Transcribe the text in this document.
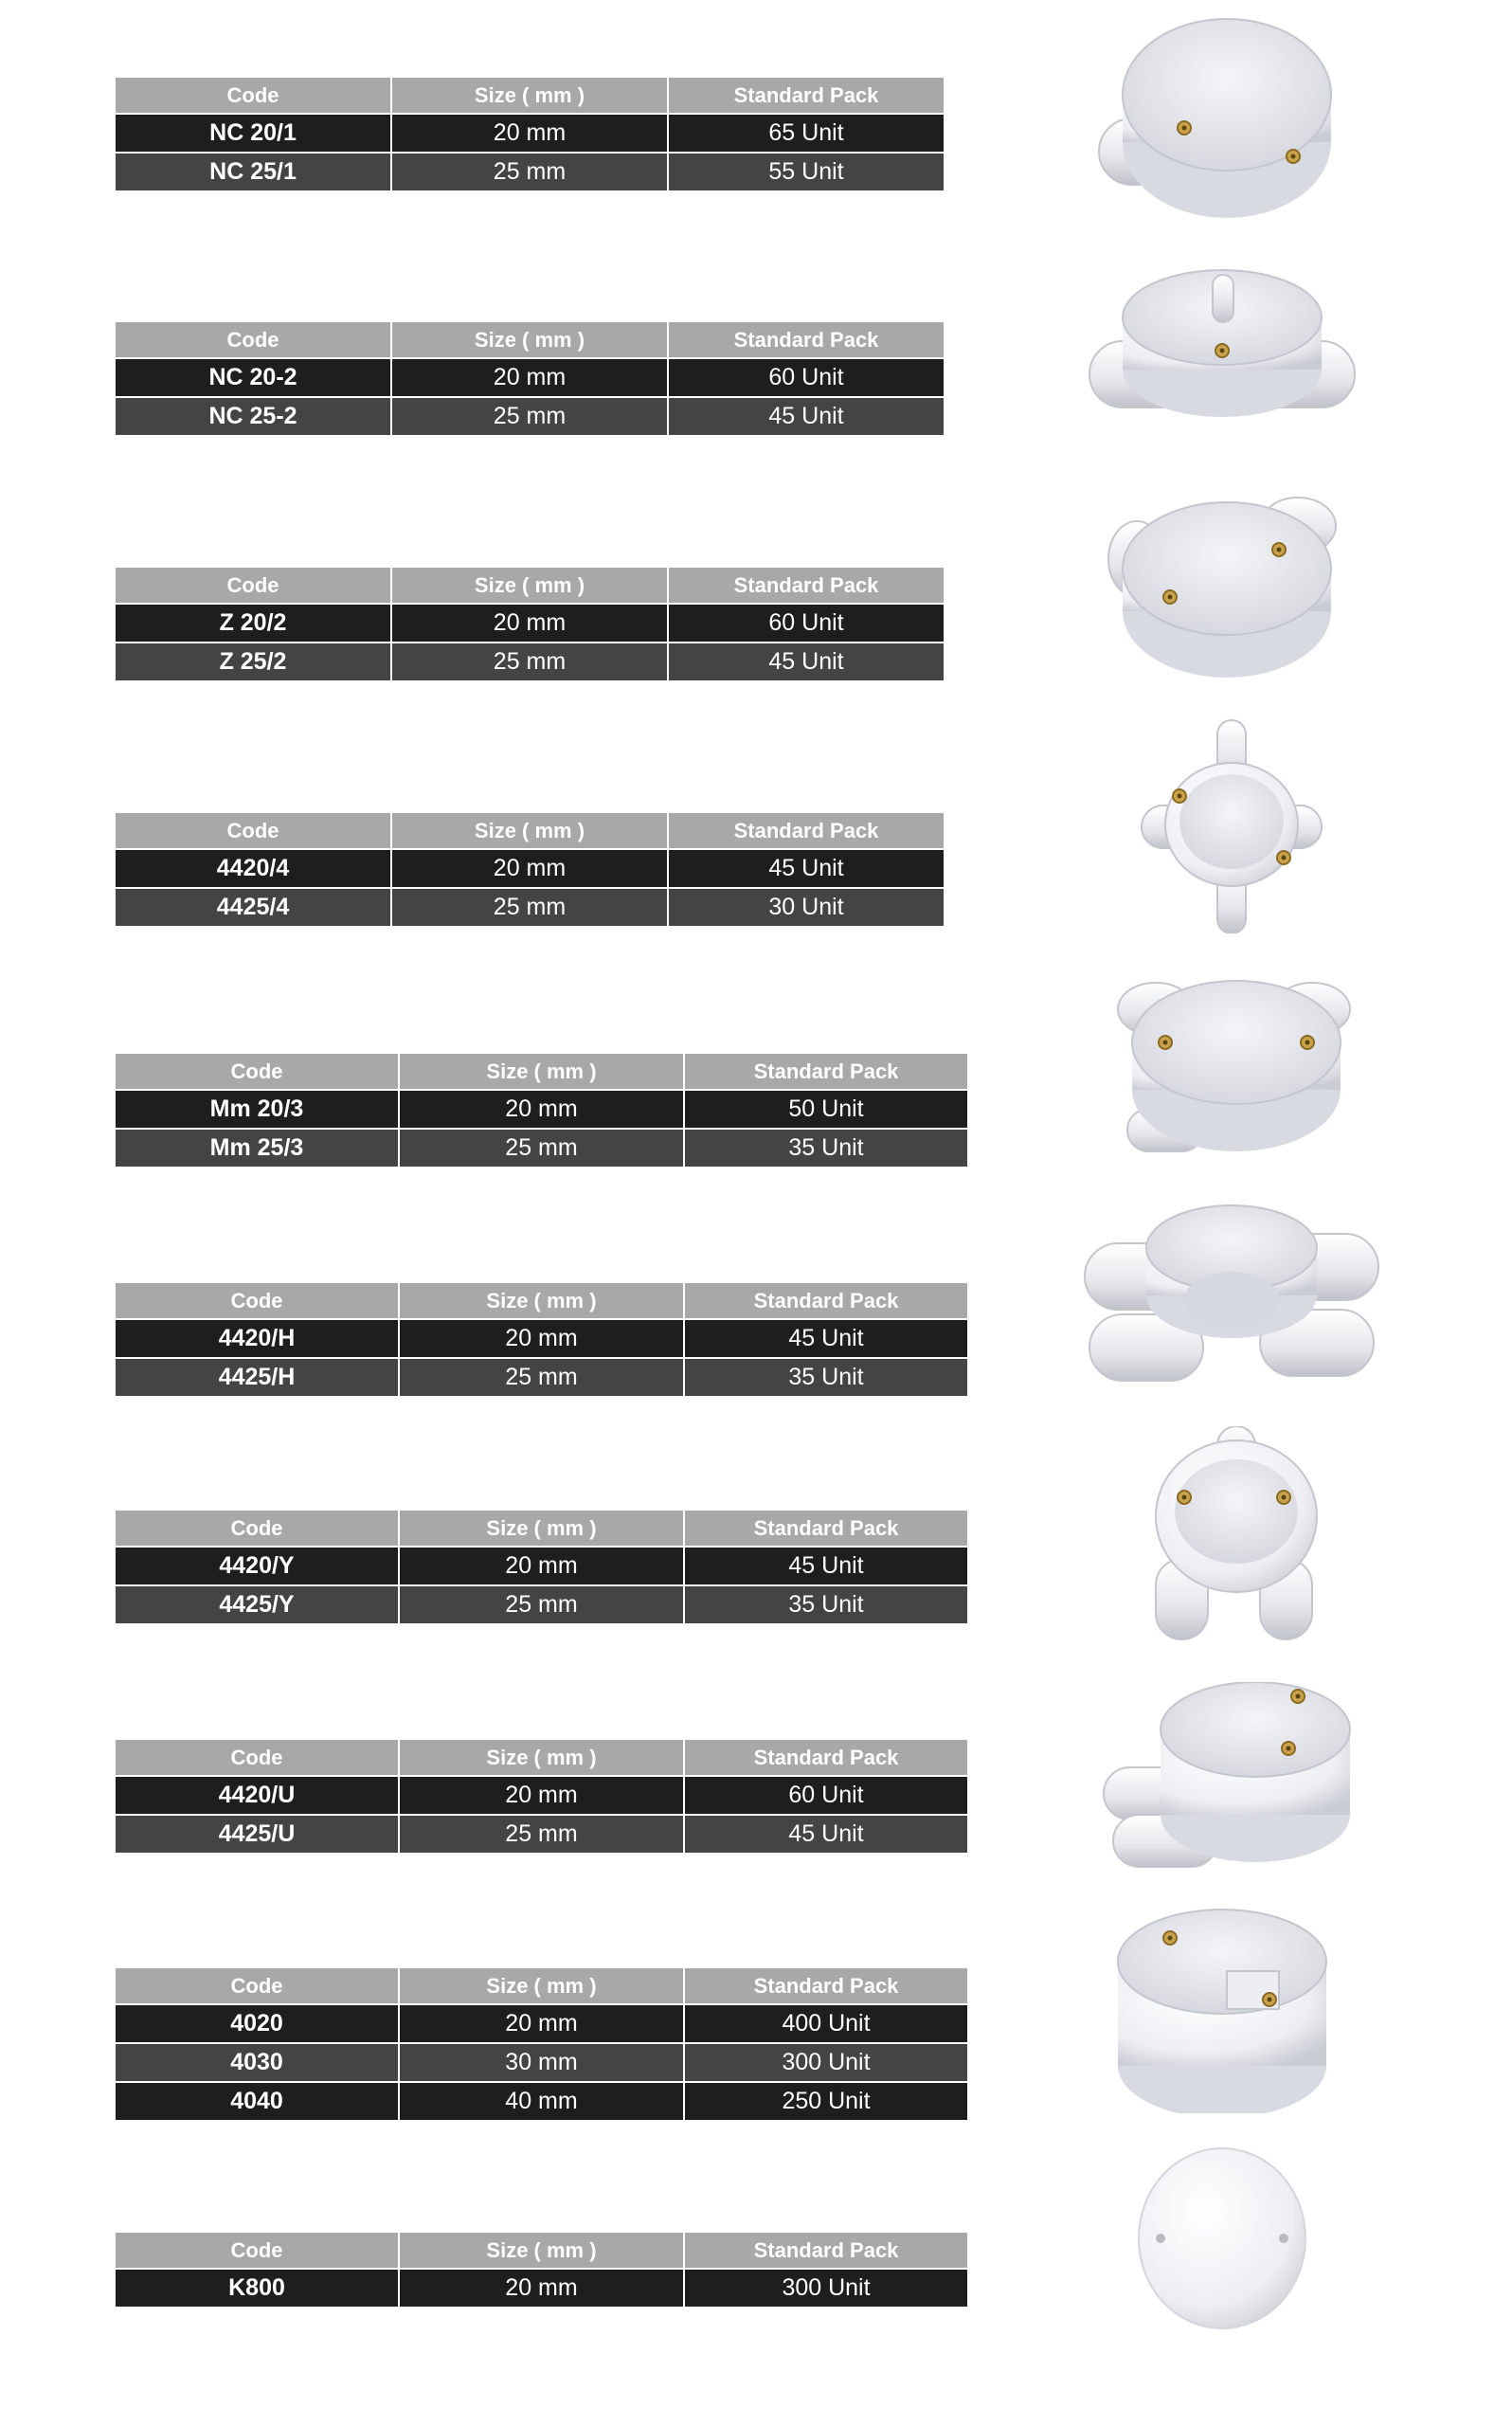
Code	Size ( mm )	Standard Pack
NC 20/1	20 mm	65 Unit
NC 25/1	25 mm	55 Unit
Code	Size ( mm )	Standard Pack
NC 20-2	20 mm	60 Unit
NC 25-2	25 mm	45 Unit
Code	Size ( mm )	Standard Pack
Z 20/2	20 mm	60 Unit
Z 25/2	25 mm	45 Unit
Code	Size ( mm )	Standard Pack
4420/4	20 mm	45 Unit
4425/4	25 mm	30 Unit
Code	Size ( mm )	Standard Pack
Mm 20/3	20 mm	50 Unit
Mm 25/3	25 mm	35 Unit
Code	Size ( mm )	Standard Pack
4420/H	20 mm	45 Unit
4425/H	25 mm	35 Unit
Code	Size ( mm )	Standard Pack
4420/Y	20 mm	45 Unit
4425/Y	25 mm	35 Unit
Code	Size ( mm )	Standard Pack
4420/U	20 mm	60 Unit
4425/U	25 mm	45 Unit
Code	Size ( mm )	Standard Pack
4020	20 mm	400 Unit
4030	30 mm	300 Unit
4040	40 mm	250 Unit
Code	Size ( mm )	Standard Pack
K800	20 mm	300 Unit
